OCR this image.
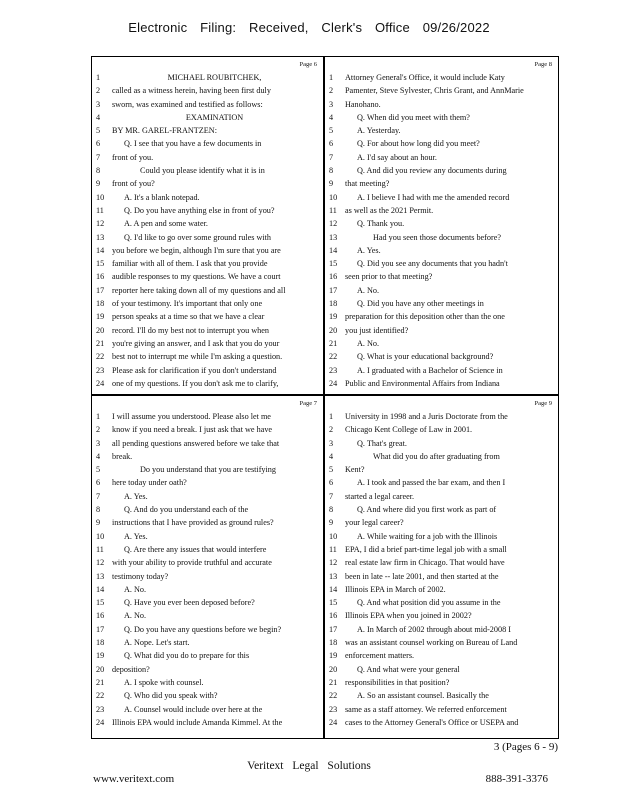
Electronic Filing: Received, Clerk's Office 09/26/2022
Page 6
1	MICHAEL ROUBITCHEK,
2	called as a witness herein, having been first duly
3	sworn, was examined and testified as follows:
4	EXAMINATION
5	BY MR. GAREL-FRANTZEN:
6	Q. I see that you have a few documents in
7	front of you.
8	Could you please identify what it is in
9	front of you?
10	A. It's a blank notepad.
11	Q. Do you have anything else in front of you?
12	A. A pen and some water.
13	Q. I'd like to go over some ground rules with
14 you before we begin, although I'm sure that you are
15 familiar with all of them. I ask that you provide
16 audible responses to my questions. We have a court
17 reporter here taking down all of my questions and all
18 of your testimony. It's important that only one
19 person speaks at a time so that we have a clear
20 record. I'll do my best not to interrupt you when
21 you're giving an answer, and I ask that you do your
22 best not to interrupt me while I'm asking a question.
23 Please ask for clarification if you don't understand
24 one of my questions. If you don't ask me to clarify,
Page 8
1	Attorney General's Office, it would include Katy
2	Pamenter, Steve Sylvester, Chris Grant, and AnnMarie
3	Hanohano.
4	Q. When did you meet with them?
5	A. Yesterday.
6	Q. For about how long did you meet?
7	A. I'd say about an hour.
8	Q. And did you review any documents during
9	that meeting?
10	A. I believe I had with me the amended record
11 as well as the 2021 Permit.
12	Q. Thank you.
13	Had you seen those documents before?
14	A. Yes.
15	Q. Did you see any documents that you hadn't
16 seen prior to that meeting?
17	A. No.
18	Q. Did you have any other meetings in
19 preparation for this deposition other than the one
20 you just identified?
21	A. No.
22	Q. What is your educational background?
23	A. I graduated with a Bachelor of Science in
24 Public and Environmental Affairs from Indiana
Page 7
1	I will assume you understood. Please also let me
2	know if you need a break. I just ask that we have
3	all pending questions answered before we take that
4	break.
5	Do you understand that you are testifying
6	here today under oath?
7	A. Yes.
8	Q. And do you understand each of the
9	instructions that I have provided as ground rules?
10	A. Yes.
11	Q. Are there any issues that would interfere
12 with your ability to provide truthful and accurate
13 testimony today?
14	A. No.
15	Q. Have you ever been deposed before?
16	A. No.
17	Q. Do you have any questions before we begin?
18	A. Nope. Let's start.
19	Q. What did you do to prepare for this
20 deposition?
21	A. I spoke with counsel.
22	Q. Who did you speak with?
23	A. Counsel would include over here at the
24 Illinois EPA would include Amanda Kimmel. At the
Page 9
1	University in 1998 and a Juris Doctorate from the
2	Chicago Kent College of Law in 2001.
3	Q. That's great.
4	What did you do after graduating from
5	Kent?
6	A. I took and passed the bar exam, and then I
7	started a legal career.
8	Q. And where did you first work as part of
9	your legal career?
10	A. While waiting for a job with the Illinois
11 EPA, I did a brief part-time legal job with a small
12 real estate law firm in Chicago. That would have
13 been in late -- late 2001, and then started at the
14 Illinois EPA in March of 2002.
15	Q. And what position did you assume in the
16 Illinois EPA when you joined in 2002?
17	A. In March of 2002 through about mid-2008 I
18 was an assistant counsel working on Bureau of Land
19 enforcement matters.
20	Q. And what were your general
21 responsibilities in that position?
22	A. So an assistant counsel. Basically the
23 same as a staff attorney. We referred enforcement
24 cases to the Attorney General's Office or USEPA and
3 (Pages 6 - 9)
Veritext Legal Solutions
www.veritext.com	888-391-3376
